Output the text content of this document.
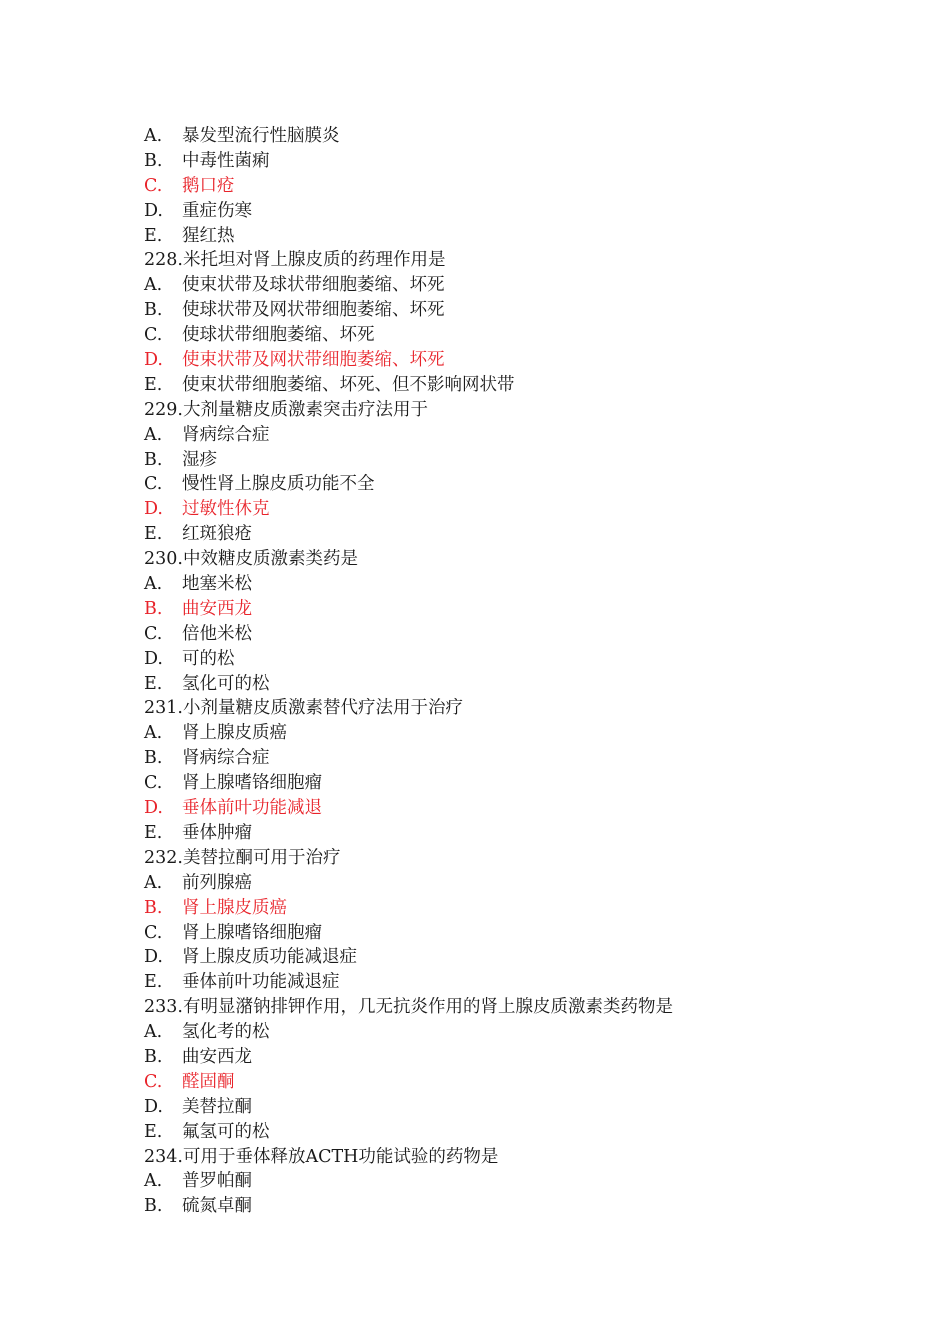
A. 暴发型流行性脑膜炎
B. 中毒性菌痢
C. 鹅口疮
D. 重症伤寒
E. 猩红热
228.米托坦对肾上腺皮质的药理作用是
A. 使束状带及球状带细胞萎缩、坏死
B. 使球状带及网状带细胞萎缩、坏死
C. 使球状带细胞萎缩、坏死
D. 使束状带及网状带细胞萎缩、坏死
E. 使束状带细胞萎缩、坏死、但不影响网状带
229.大剂量糖皮质激素突击疗法用于
A. 肾病综合症
B. 湿疹
C. 慢性肾上腺皮质功能不全
D. 过敏性休克
E. 红斑狼疮
230.中效糖皮质激素类药是
A. 地塞米松
B. 曲安西龙
C. 倍他米松
D. 可的松
E. 氢化可的松
231.小剂量糖皮质激素替代疗法用于治疗
A. 肾上腺皮质癌
B. 肾病综合症
C. 肾上腺嗜铬细胞瘤
D. 垂体前叶功能减退
E. 垂体肿瘤
232.美替拉酮可用于治疗
A. 前列腺癌
B. 肾上腺皮质癌
C. 肾上腺嗜铬细胞瘤
D. 肾上腺皮质功能减退症
E. 垂体前叶功能减退症
233.有明显潴钠排钾作用，几无抗炎作用的肾上腺皮质激素类药物是
A. 氢化考的松
B. 曲安西龙
C. 醛固酮
D. 美替拉酮
E. 氟氢可的松
234.可用于垂体释放ACTH功能试验的药物是
A. 普罗帕酮
B. 硫氮卓酮
